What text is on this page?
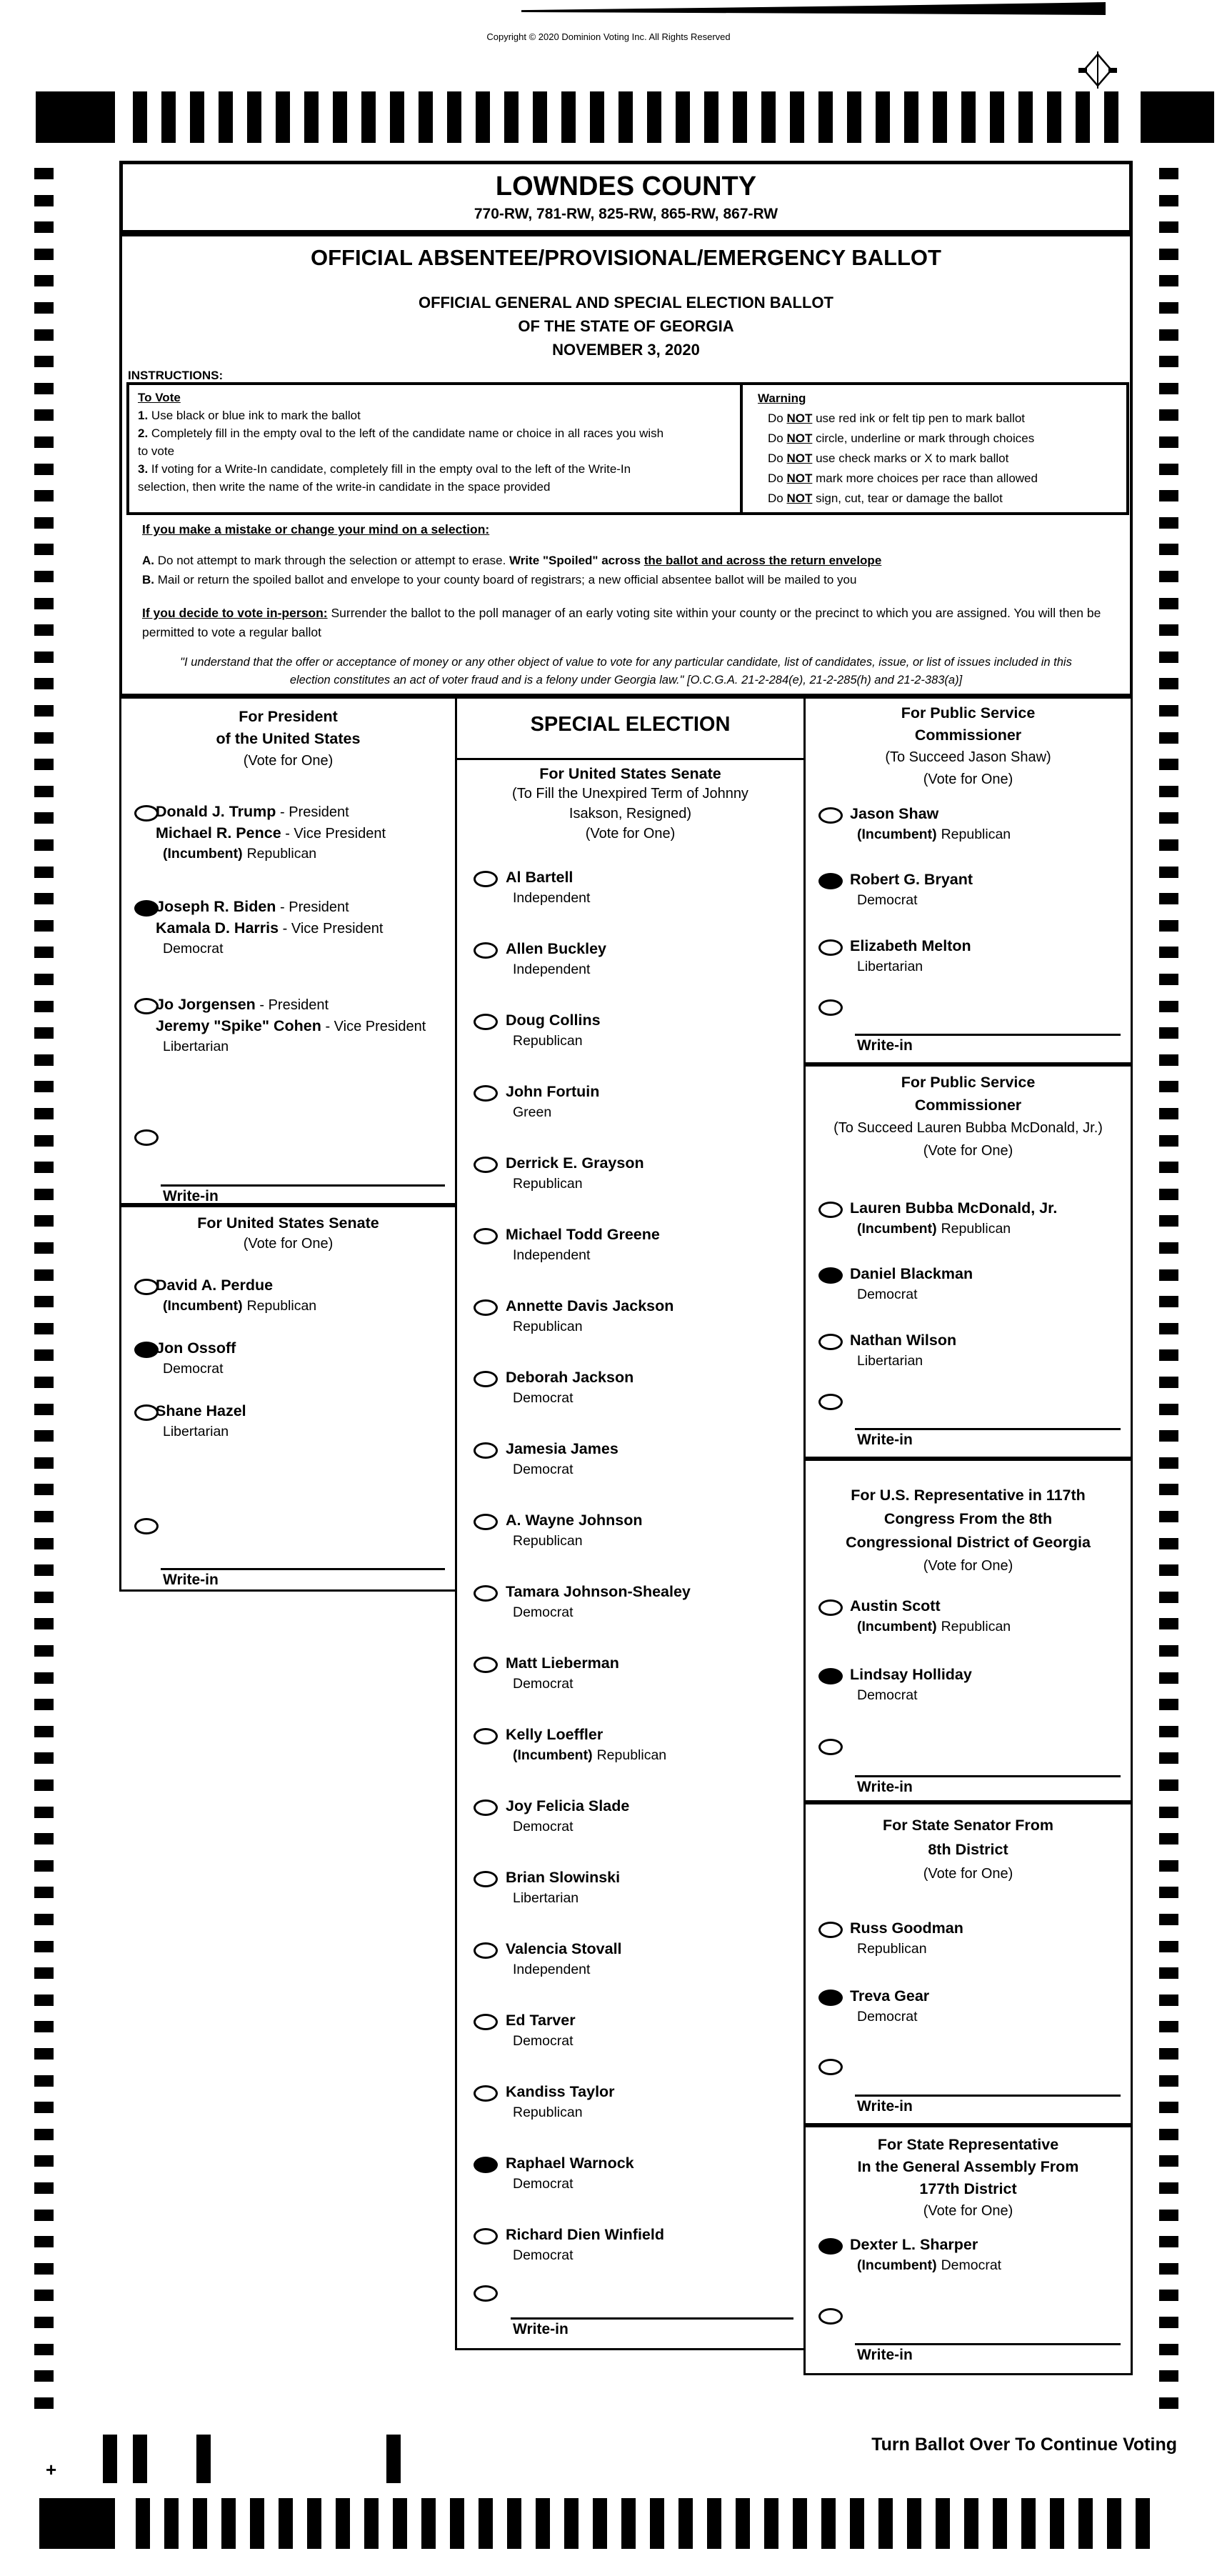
Copyright © 2020 Dominion Voting Inc. All Rights Reserved
LOWNDES COUNTY
770-RW, 781-RW, 825-RW, 865-RW, 867-RW
OFFICIAL ABSENTEE/PROVISIONAL/EMERGENCY BALLOT
OFFICIAL GENERAL AND SPECIAL ELECTION BALLOT
OF THE STATE OF GEORGIA
NOVEMBER 3, 2020
INSTRUCTIONS:
To Vote
1. Use black or blue ink to mark the ballot
2. Completely fill in the empty oval to the left of the candidate name or choice in all races you wish to vote
3. If voting for a Write-In candidate, completely fill in the empty oval to the left of the Write-In selection, then write the name of the write-in candidate in the space provided
Warning
Do NOT use red ink or felt tip pen to mark ballot
Do NOT circle, underline or mark through choices
Do NOT use check marks or X to mark ballot
Do NOT mark more choices per race than allowed
Do NOT sign, cut, tear or damage the ballot
If you make a mistake or change your mind on a selection:
A. Do not attempt to mark through the selection or attempt to erase. Write "Spoiled" across the ballot and across the return envelope
B. Mail or return the spoiled ballot and envelope to your county board of registrars; a new official absentee ballot will be mailed to you
If you decide to vote in-person: Surrender the ballot to the poll manager of an early voting site within your county or the precinct to which you are assigned. You will then be permitted to vote a regular ballot
"I understand that the offer or acceptance of money or any other object of value to vote for any particular candidate, list of candidates, issue, or list of issues included in this
election constitutes an act of voter fraud and is a felony under Georgia law." [O.C.G.A. 21-2-284(e), 21-2-285(h) and 21-2-383(a)]
For President
of the United States
(Vote for One)
Donald J. Trump - President
Michael R. Pence - Vice President
(Incumbent) Republican
Joseph R. Biden - President
Kamala D. Harris - Vice President
Democrat
Jo Jorgensen - President
Jeremy "Spike" Cohen - Vice President
Libertarian
Write-in
For United States Senate
(Vote for One)
David A. Perdue
(Incumbent) Republican
Jon Ossoff
Democrat
Shane Hazel
Libertarian
Write-in
SPECIAL ELECTION
For United States Senate
(To Fill the Unexpired Term of Johnny
Isakson, Resigned)
(Vote for One)
Al Bartell
Independent
Allen Buckley
Independent
Doug Collins
Republican
John Fortuin
Green
Derrick E. Grayson
Republican
Michael Todd Greene
Independent
Annette Davis Jackson
Republican
Deborah Jackson
Democrat
Jamesia James
Democrat
A. Wayne Johnson
Republican
Tamara Johnson-Shealey
Democrat
Matt Lieberman
Democrat
Kelly Loeffler
(Incumbent) Republican
Joy Felicia Slade
Democrat
Brian Slowinski
Libertarian
Valencia Stovall
Independent
Ed Tarver
Democrat
Kandiss Taylor
Republican
Raphael Warnock
Democrat
Richard Dien Winfield
Democrat
Write-in
For Public Service
Commissioner
(To Succeed Jason Shaw)
(Vote for One)
Jason Shaw
(Incumbent) Republican
Robert G. Bryant
Democrat
Elizabeth Melton
Libertarian
Write-in
For Public Service
Commissioner
(To Succeed Lauren Bubba McDonald, Jr.)
(Vote for One)
Lauren Bubba McDonald, Jr.
(Incumbent) Republican
Daniel Blackman
Democrat
Nathan Wilson
Libertarian
Write-in
For U.S. Representative in 117th
Congress From the 8th
Congressional District of Georgia
(Vote for One)
Austin Scott
(Incumbent) Republican
Lindsay Holliday
Democrat
Write-in
For State Senator From
8th District
(Vote for One)
Russ Goodman
Republican
Treva Gear
Democrat
Write-in
For State Representative
In the General Assembly From
177th District
(Vote for One)
Dexter L. Sharper
(Incumbent) Democrat
Write-in
Turn Ballot Over To Continue Voting
+
51
